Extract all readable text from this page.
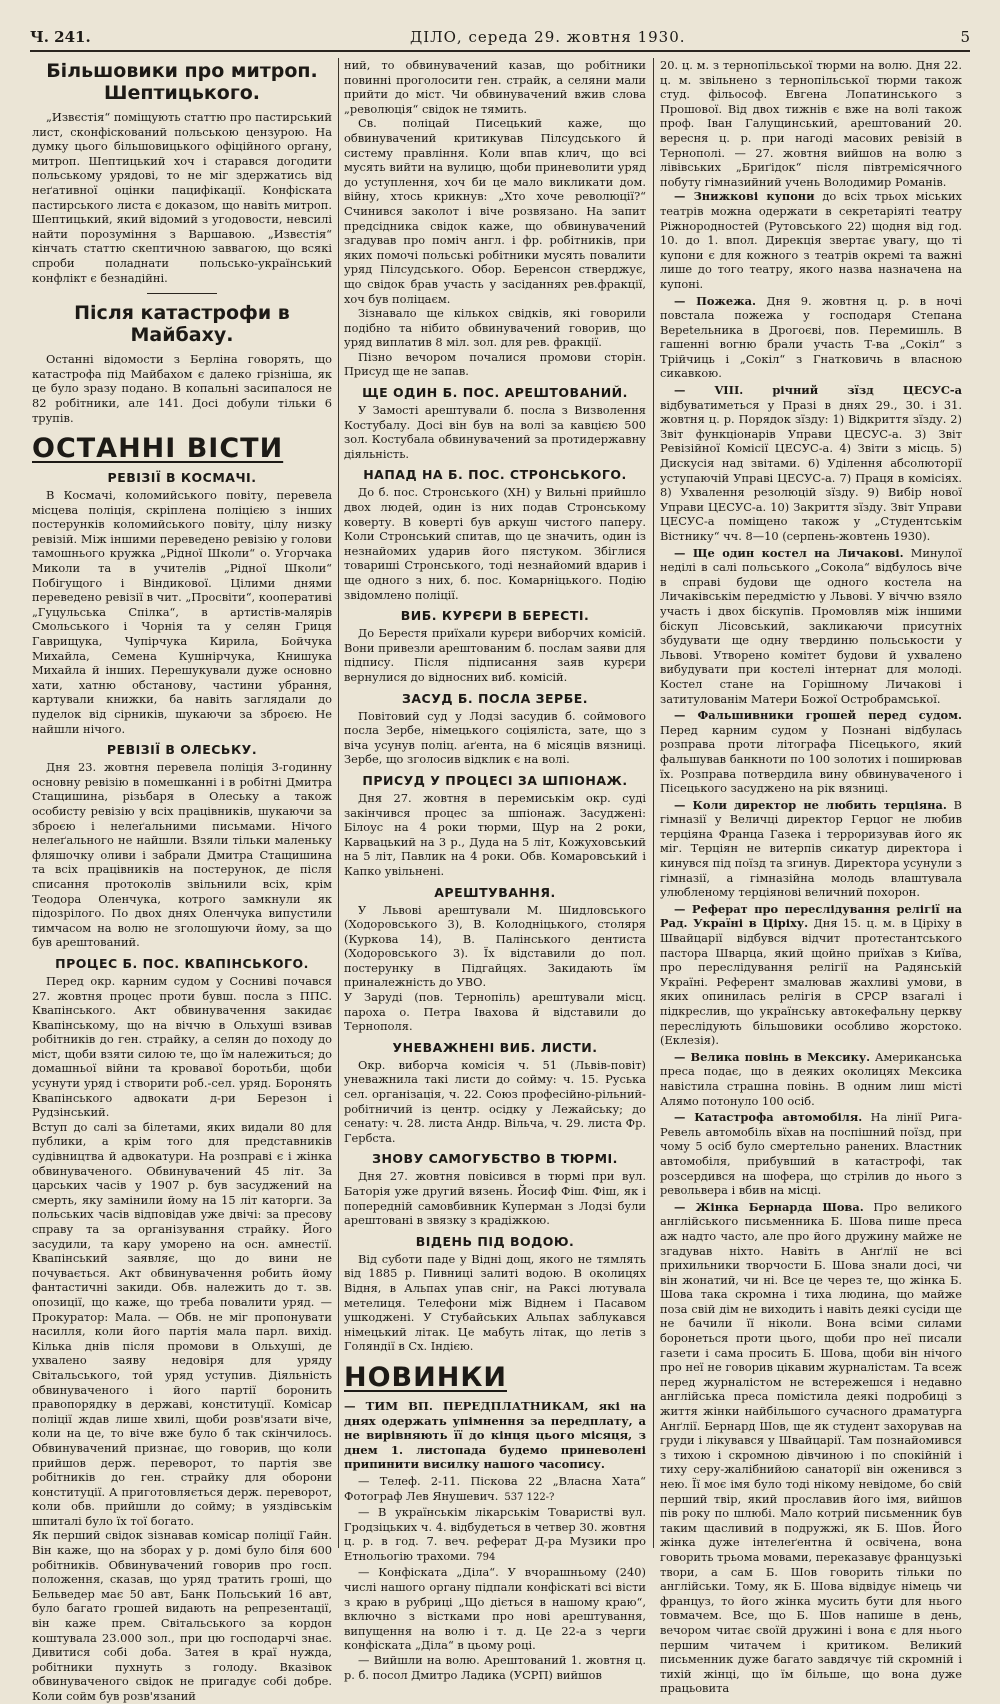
Ч. 241.	ДІЛО, середа 29. жовтня 1930.	5
Більшовики про митроп. Шептицького.

„Извєстія“ поміщують статтю про пастирський лист, сконфіскований польською цензурою. На думку цього більшовицького офіційного органу, митроп. Шептицький хоч і старався догодити польському урядові, то не міг здержатись від неґативної оцінки пацифікації. Конфіската пастирського листа є доказом, що навіть митроп. Шептицький, який відомий з угодовости, невсилі найти порозуміння з Варшавою. „Извєстія“ кінчать статтю скептичною заввагою, що всякі спроби поладнати польсько-український конфлікт є безнадійні.

Після катастрофи в Майбаху.

Останні відомости з Берліна говорять, що катастрофа під Майбахом є далеко грізніша, як це було зразу подано. В копальні засипалося не 82 робітники, але 141. Досі добули тільки 6 трупів.

ОСТАННІ ВІСТИ
РЕВІЗІЇ В КОСМАЧІ.

В Космачі, коломийського повіту, перевела місцева поліція, скріплена поліцією з інших постерунків коломийського повіту, цілу низку ревізій. Між іншими переведено ревізію у голови тамошнього кружка „Рідної Школи“ о. Угорчака Миколи та в учителів „Рідної Школи“ Побігущого і Віндикової. Цілими днями переведено ревізії в чит. „Просвіти“, кооперативі „Гуцульська Спілка“, в артистів-малярів Смольського і Чорнія та у селян Гриця Гаврищука, Чупірчука Кирила, Бойчука Михайла, Семена Кушнірчука, Книшука Михайла й інших. Перешукували дуже основно хати, хатню обстанову, частини убрання, картували книжки, ба навіть заглядали до пуделок від сірників, шукаючи за зброєю. Не найшли нічого.

РЕВІЗІЇ В ОЛЕСЬКУ.

Дня 23. жовтня перевела поліція 3-годинну основну ревізію в помешканні і в робітні Дмитра Стащишина, різьбаря в Олеську а також особисту ревізію у всіх працівників, шукаючи за зброєю і нелеґальними письмами. Нічого нелеґального не найшли. Взяли тільки маленьку фляшочку оливи і забрали Дмитра Стащишина та всіх працівників на постерунок, де після списання протоколів звільнили всіх, крім Теодора Оленчука, котрого замкнули як підозрілого. По двох днях Оленчука випустили тимчасом на волю не зголошуючи йому, за що був арештований.

ПРОЦЕС Б. ПОС. КВАПІНСЬКОГО.

Перед окр. карним судом у Сосниві почався 27. жовтня процес проти бувш. посла з ППС. Квапінського. Акт обвинувачення закидає Квапінському, що на віччю в Ольхуші взивав робітників до ген. страйку, а селян до походу до міст, щоби взяти силою те, що їм належиться; до домашньої війни та кровавої боротьби, щоби усунути уряд і створити роб.-сел. уряд. Боронять Квапінського адвокати д-ри Березон і Рудзінський.
Вступ до салі за білетами, яких видали 80 для публики, а крім того для представників судівництва й адвокатури. На розправі є і жінка обвинуваченого. Обвинувачений 45 літ. За царських часів у 1907 р. був засуджений на смерть, яку замінили йому на 15 літ каторги. За польських часів відповідав уже двічі: за пресову справу та за організування страйку. Його засудили, та кару уморено на осн. амнестії. Квапінський заявляє, що до вини не почувається. Акт обвинувачення робить йому фантастичні закиди. Обв. належить до т. зв. опозиції, що каже, що треба повалити уряд. — Прокуратор: Мала. — Обв. не міг пропонувати насилля, коли його партія мала парл. вихід. Кілька днів після промови в Ольхуші, де ухвалено заяву недовіря для уряду Світальського, той уряд уступив. Діяльність обвинуваченого і його партії боронить правопорядку в державі, конституції. Комісар поліції ждав лише хвилі, щоби розв'язати віче, коли на це, то віче вже було б так скінчилось. Обвинувачений признає, що говорив, що коли прийшов держ. переворот, то партія зве робітників до ген. страйку для оборони конституції. А приготовляється держ. переворот, коли обв. прийшли до сойму; в уяздівськім шпиталі було їх тої богато.
Як перший свідок зізнавав комісар поліції Гайн. Він каже, що на зборах у р. домі було біля 600 робітників. Обвинувачений говорив про госп. положення, сказав, що уряд тратить гроші, що Бельведер має 50 авт, Банк Польський 16 авт, було багато грошей видають на репрезентації, він каже прем. Світальського за кордон коштувала 23.000 зол., при цю господарчі знає. Дивитися собі доба. Затея в краї нужда, робітники пухнуть з голоду. Вказівок обвинуваченого свідок не пригадує собі добре. Коли сойм був розв'язаний

ний, то обвинувачений казав, що робітники повинні проголосити ген. страйк, а селяни мали прийти до міст. Чи обвинувачений вжив слова „революція“ свідок не тямить.

Св. поліцай Писецький каже, що обвинувачений критикував Пілсудського й систему правління. Коли впав клич, що всі мусять вийти на вулицю, щоби приневолити уряд до уступлення, хоч би це мало викликати дом. війну, хтось крикнув: „Хто хоче революції?“ Счинився заколот і віче розвязано. На запит предсідника свідок каже, що обвинувачений згадував про поміч англ. і фр. робітників, при яких помочі польські робітники мусять повалити уряд Пілсудського. Обор. Беренсон стверджує, що свідок брав участь у засіданнях рев.фракції, хоч був поліцаєм.

Зізнавало ще кількох свідків, які говорили подібно та нібито обвинувачений говорив, що уряд виплатив 8 міл. зол. для рев. фракції.

Пізно вечором почалися промови сторін. Присуд ще не запав.

ЩЕ ОДИН Б. ПОС. АРЕШТОВАНИЙ.

У Замості арештували б. посла з Визволення Костубалу. Досі він був на волі за кавцією 500 зол. Костубала обвинувачений за протидержавну діяльність.

НАПАД НА Б. ПОС. СТРОНСЬКОГО.

До б. пос. Стронського (ХН) у Вильні прийшло двох людей, один із них подав Стронському коверту. В коверті був аркуш чистого паперу. Коли Стронський спитав, що це значить, один із незнайомих ударив його пястуком. Збіглися товариші Стронського, тоді незнайомий вдарив і ще одного з них, б. пос. Комарніцького. Подію звідомлено поліції.

ВИБ. КУРЄРИ В БЕРЕСТІ.

До Берестя приїхали курєри виборчих комісій. Вони привезли арештованим б. послам заяви для підпису. Після підписання заяв курєри вернулися до відносних виб. комісій.

ЗАСУД Б. ПОСЛА ЗЕРБЕ.

Повітовий суд у Лодзі засудив б. соймового посла Зербе, німецького соціяліста, зате, що з віча усунув поліц. аґента, на 6 місяців вязниці. Зербе, що зголосив відклик є на волі.

ПРИСУД У ПРОЦЕСІ ЗА ШПІОНАЖ.

Дня 27. жовтня в перемиськім окр. суді закінчився процес за шпіонаж. Засуджені: Білоус на 4 роки тюрми, Щур на 2 роки, Карвацький на 3 р., Дуда на 5 літ, Кожуховський на 5 літ, Павлик на 4 роки. Обв. Комаровський і Капко увільнені.

АРЕШТУВАННЯ.

У Львові арештували М. Шидловського (Ходоровського 3), В. Колодніцького, столяря (Куркова 14), В. Палінського дентиста (Ходоровського 3). Їх відставили до пол. постерунку в Підгайцях. Закидають їм приналежність до УВО.
У Заруді (пов. Тернопіль) арештували місц. пароха о. Петра Івахова й відставили до Тернополя.

УНЕВАЖНЕНІ ВИБ. ЛИСТИ.

Окр. виборча комісія ч. 51 (Львів-повіт) уневажнила такі листи до сойму: ч. 15. Руська сел. організація, ч. 22. Союз професійно-рільний-робітничий із центр. осідку у Лежайську; до сенату: ч. 28. листа Андр. Вільча, ч. 29. листа Фр. Гербста.

ЗНОВУ САМОГУБСТВО В ТЮРМІ.

Дня 27. жовтня повісився в тюрмі при вул. Баторія уже другий вязень. Йосиф Фіш. Фіш, як і попередній самовбивник Куперман з Лодзі були арештовані в звязку з крадіжкою.

ВІДЕНЬ ПІД ВОДОЮ.

Від суботи паде у Відні дощ, якого не тямлять від 1885 р. Пивниці залиті водою. В околицях Відня, в Альпах упав сніг, на Раксі лютувала метелиця. Телефони між Віднем і Пасавом ушкоджені. У Стубайських Альпах заблукався німецький літак. Це мабуть літак, що летів з Голяндії в Сх. Індією.

НОВИНКИ

— ТИМ ВП. ПЕРЕДПЛАТНИКАМ, які на днях одержать упімнення за передплату, а не вирівняють її до кінця цього місяця, з днем 1. листопада будемо приневолені припинити висилку нашого часопису.

— Телеф. 2-11. Піскова 22 „Власна Хата“ Фотограф Лев Янушевич. 537 122-?

— В українськім лікарськім Товаристві вул. Гродзіцьких ч. 4. відбудеться в четвер 30. жовтня ц. р. в год. 7. веч. реферат Д-ра Музики про Етнольогію трахоми. 794

— Конфіската „Діла“. У вчорашньому (240) числі нашого органу підпали конфіскаті всі вісти з краю в рубриці „Що діється в нашому краю“, включно з вістками про нові арештування, випущення на волю і т. д. Це 22-а з черги конфіската „Діла“ в цьому році.

— Вийшли на волю. Арештований 1. жовтня ц. р. б. посол Дмитро Ладика (УСРП) вийшов

20. ц. м. з тернопільської тюрми на волю. Дня 22. ц. м. звільнено з тернопільської тюрми також студ. фільософ. Евгена Лопатинського з Прошової. Від двох тижнів є вже на волі також проф. Іван Галущинський, арештований 20. вересня ц. р. при нагоді масових ревізій в Тернополі. — 27. жовтня вийшов на волю з лівівських „Бриґідок“ після півтремісячного побуту гімназийний учень Володимир Романів.

— Знижкові купони до всіх трьох міських театрів можна одержати в секретаріяті театру Ріжнородностей (Рутовського 22) щодня від год. 10. до 1. впол. Дирекція звертає увагу, що ті купони є для кожного з театрів окремі та важні лише до того театру, якого назва назначена на купоні.

— Пожежа. Дня 9. жовтня ц. р. в ночі повстала пожежа у господаря Степана Верetельника в Дрогоєві, пов. Перемишль. В гашенні вогню брали участь Т-ва „Сокіл“ з Трійчиць і „Сокіл“ з Гнатковичь в власною сикавкою.

— VIII. річний зїзд ЦЕСУС-а відбуватиметься у Празі в днях 29., 30. і 31. жовтня ц. р. Порядок зїзду: 1) Відкриття зїзду. 2) Звіт функціонарів Управи ЦЕСУС-а. 3) Звіт Ревізійної Комісії ЦЕСУС-а. 4) Звіти з місць. 5) Дискусія над звітами. 6) Уділення абсолюторії уступаючій Управі ЦЕСУС-а. 7) Праця в комісіях. 8) Ухвалення резолюцій зїзду. 9) Вибір нової Управи ЦЕСУС-а. 10) Закриття зїзду. Звіт Управи ЦЕСУС-а поміщено також у „Студентськім Вістнику“ чч. 8—10 (серпень-жовтень 1930).

— Ще один костел на Личакові. Минулої неділі в салі польського „Сокола“ відбулось віче в справі будови ще одного костела на Личаківськім передмістю у Львові. У віччю взяло участь і двох біскупів. Промовляв між іншими біскуп Лісовський, закликаючи присутніх збудувати ще одну твердиню польськости у Львові. Утворено комітет будови й ухвалено вибудувати при костелі інтернат для молоді. Костел стане на Горішному Личакові і затитулованім Матери Божої Остробрамської.

— Фальшивники грошей перед судом. Перед карним судом у Познані відбулась розправа проти літографа Пісецького, який фальшував банкноти по 100 золотих і поширював їх. Розправа потвердила вину обвинуваченого і Пісецького засуджено на рік вязниці.

— Коли директор не любить терціяна. В гімназії у Величці директор Герцог не любив терціяна Франца Газека і терроризував його як міг. Терціян не витерпів сикатур директора і кинувся під поїзд та згинув. Директора усунули з гімназії, а гімназійна молодь влаштувала улюбленому терціянові величний похорон.

— Реферат про переслідування релігії на Рад. Україні в Ціріху. Дня 15. ц. м. в Ціріху в Швайцарії відбувся відчит протестантського пастора Шварца, який щойно приїхав з Київа, про переслідування релігії на Радянській Україні. Референт змалював жахливі умови, в яких опинилась релігія в СРСР взагалі і підкреслив, що українську автокефальну церкву переслідують більшовики особливо жорстоко. (Еклезія).

— Велика повінь в Мексику. Американська преса подає, що в деяких околицях Мексика навістила страшна повінь. В одним лиш місті Алямо потонуло 100 осіб.

— Катастрофа автомобіля. На лінії Рига-Ревель автомобіль вїхав на поспішний поїзд, при чому 5 осіб було смертельно ранених. Властник автомобіля, прибувший в катастрофі, так розсердився на шофера, що стрілив до нього з револьвера і вбив на місці.

— Жінка Бернарда Шова. Про великого англійського письменника Б. Шова пише преса аж надто часто, але про його дружину майже не згадував ніхто. Навіть в Анґлії не всі прихильники творчости Б. Шова знали досі, чи він жонатий, чи ні. Все це через те, що жінка Б. Шова така скромна і тиха людина, що майже поза свій дім не виходить і навіть деякі сусіди ще не бачили її ніколи. Вона всіми силами боронеться проти цього, щоби про неї писали газети і сама просить Б. Шова, щоби він нічого про неї не говорив цікавим журналістам. Та всеж перед журналістом не встережешся і недавно англійська преса помістила деякі подробиці з життя жінки найбільшого сучасного драматурга Анґлії. Бернард Шов, ще як студент захорував на груди і лікувався у Швайцарії. Там познайомився з тихою і скромною дівчиною і по спокійній і тиху серу-жалібнийою санаторії він оженився з нею. Її моє імя було тоді нікому невідоме, бо свій перший твір, який прославив його імя, вийшов пів року по шлюбі. Мало котрий письменник був таким щасливий в подружжі, як Б. Шов. Його жінка дуже інтелеґентна й освічена, вона говорить трьома мовами, переказавує французькі твори, а сам Б. Шов говорить тільки по англійськи. Тому, як Б. Шова відвідує німець чи француз, то його жінка мусить бути для нього товмачем. Все, що Б. Шов напише в день, вечором читає своїй дружині і вона є для нього першим читачем і критиком. Великий письменник дуже багато завдячує тій скромній і тихій жінці, що їм більше, що вона дуже працьовита
